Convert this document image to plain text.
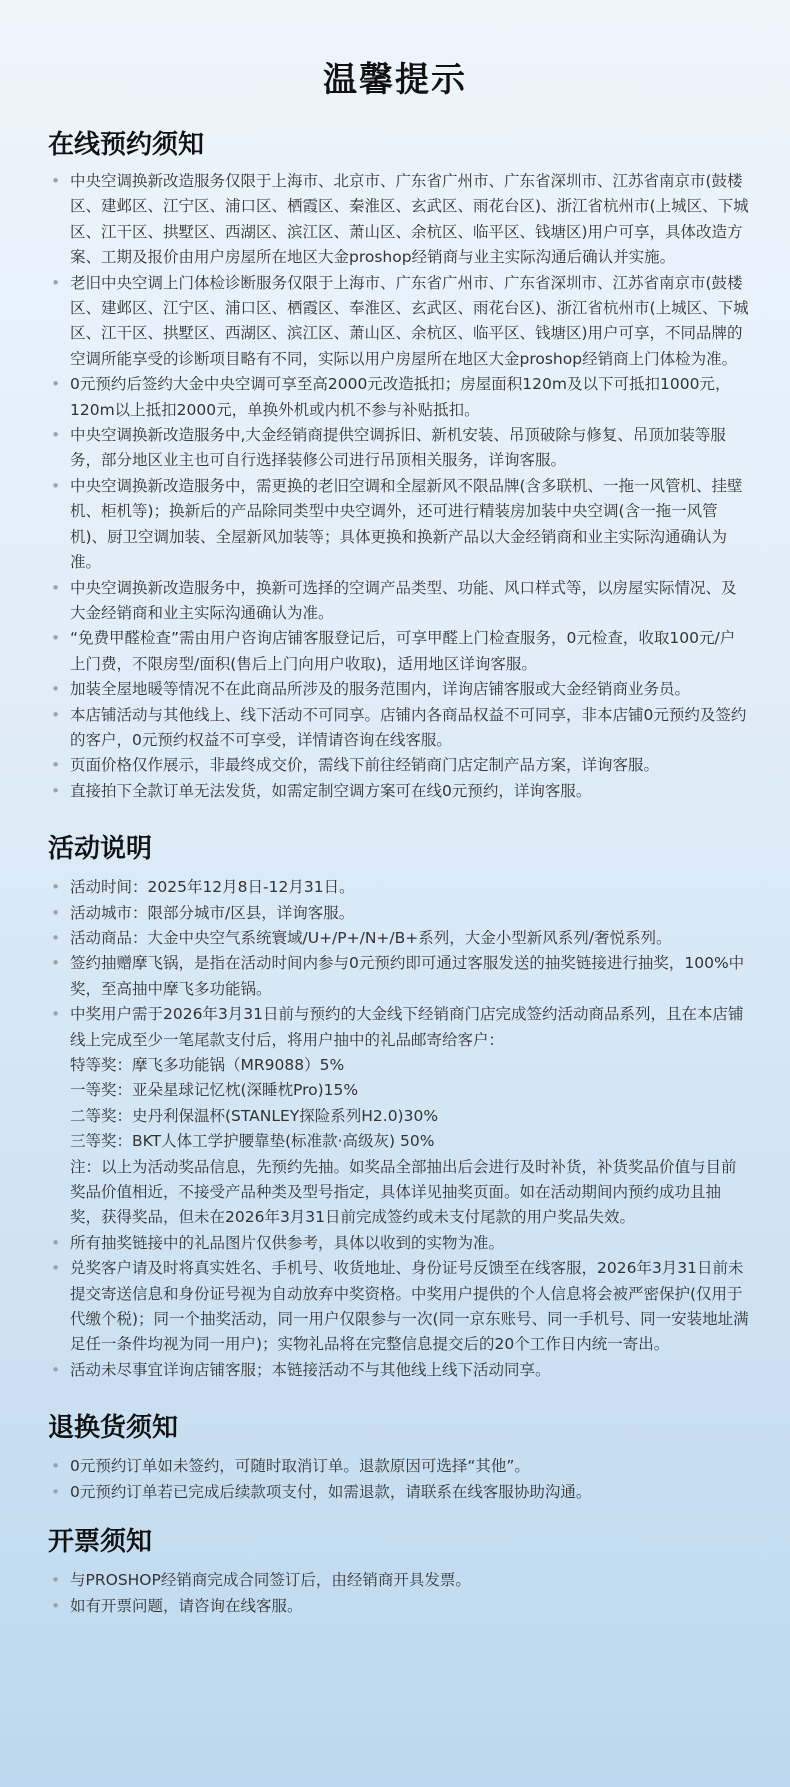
温馨提示
在线预约须知
• 中央空调换新改造服务仅限于上海市、北京市、广东省广州市、广东省深圳市、江苏省南京市(鼓楼区、建邺区、江宁区、浦口区、栖霞区、秦淮区、玄武区、雨花台区)、浙江省杭州市(上城区、下城区、江干区、拱墅区、西湖区、滨江区、萧山区、余杭区、临平区、钱塘区)用户可享，具体改造方案、工期及报价由用户房屋所在地区大金proshop经销商与业主实际沟通后确认并实施。
• 老旧中央空调上门体检诊断服务仅限于上海市、广东省广州市、广东省深圳市、江苏省南京市(鼓楼区、建邺区、江宁区、浦口区、栖霞区、奉淮区、玄武区、雨花台区)、浙江省杭州市(上城区、下城区、江干区、拱墅区、西湖区、滨江区、萧山区、余杭区、临平区、钱塘区)用户可享，不同品牌的空调所能享受的诊断项目略有不同，实际以用户房屋所在地区大金proshop经销商上门体检为准。
• 0元预约后签约大金中央空调可享至高2000元改造抵扣；房屋面积120m及以下可抵扣1000元，120m以上抵扣2000元，单换外机或内机不参与补贴抵扣。
• 中央空调换新改造服务中,大金经销商提供空调拆旧、新机安装、吊顶破除与修复、吊顶加装等服务，部分地区业主也可自行选择装修公司进行吊顶相关服务，详询客服。
• 中央空调换新改造服务中，需更换的老旧空调和全屋新风不限品牌(含多联机、一拖一风管机、挂壁机、柜机等)；换新后的产品除同类型中央空调外，还可进行精装房加装中央空调(含一拖一风管机)、厨卫空调加装、全屋新风加装等；具体更换和换新产品以大金经销商和业主实际沟通确认为准。
• 中央空调换新改造服务中，换新可选择的空调产品类型、功能、风口样式等，以房屋实际情况、及大金经销商和业主实际沟通确认为准。
• “免费甲醛检查”需由用户咨询店铺客服登记后，可享甲醛上门检查服务，0元检查，收取100元/户上门费，不限房型/面积(售后上门向用户收取)，适用地区详询客服。
• 加装全屋地暖等情况不在此商品所涉及的服务范围内，详询店铺客服或大金经销商业务员。
• 本店铺活动与其他线上、线下活动不可同享。店铺内各商品权益不可同享，非本店铺0元预约及签约的客户，0元预约权益不可享受，详情请咨询在线客服。
• 页面价格仅作展示，非最终成交价，需线下前往经销商门店定制产品方案，详询客服。
• 直接拍下全款订单无法发货，如需定制空调方案可在线0元预约，详询客服。
活动说明
• 活动时间：2025年12月8日-12月31日。
• 活动城市：限部分城市/区县，详询客服。
• 活动商品：大金中央空气系统寰域/U+/P+/N+/B+系列，大金小型新风系列/奢悦系列。
• 签约抽赠摩飞锅，是指在活动时间内参与0元预约即可通过客服发送的抽奖链接进行抽奖，100%中奖，至高抽中摩飞多功能锅。
• 中奖用户需于2026年3月31日前与预约的大金线下经销商门店完成签约活动商品系列，且在本店铺线上完成至少一笔尾款支付后，将用户抽中的礼品邮寄给客户：
特等奖：摩飞多功能锅（MR9088）5%
一等奖：亚朵星球记忆枕(深睡枕Pro)15%
二等奖：史丹利保温杯(STANLEY探险系列H2.0)30%
三等奖：BKT人体工学护腰靠垫(标准款·高级灰) 50%
注：以上为活动奖品信息，先预约先抽。如奖品全部抽出后会进行及时补货，补货奖品价值与目前奖品价值相近，不接受产品种类及型号指定，具体详见抽奖页面。如在活动期间内预约成功且抽奖，获得奖品，但未在2026年3月31日前完成签约或未支付尾款的用户奖品失效。
• 所有抽奖链接中的礼品图片仅供参考，具体以收到的实物为准。
• 兑奖客户请及时将真实姓名、手机号、收货地址、身份证号反馈至在线客服，2026年3月31日前未提交寄送信息和身份证号视为自动放弃中奖资格。中奖用户提供的个人信息将会被严密保护(仅用于代缴个税)；同一个抽奖活动，同一用户仅限参与一次(同一京东账号、同一手机号、同一安装地址满足任一条件均视为同一用户)；实物礼品将在完整信息提交后的20个工作日内统一寄出。
• 活动未尽事宜详询店铺客服；本链接活动不与其他线上线下活动同享。
退换货须知
• 0元预约订单如未签约，可随时取消订单。退款原因可选择“其他”。
• 0元预约订单若已完成后续款项支付，如需退款，请联系在线客服协助沟通。
开票须知
• 与PROSHOP经销商完成合同签订后，由经销商开具发票。
• 如有开票问题，请咨询在线客服。
